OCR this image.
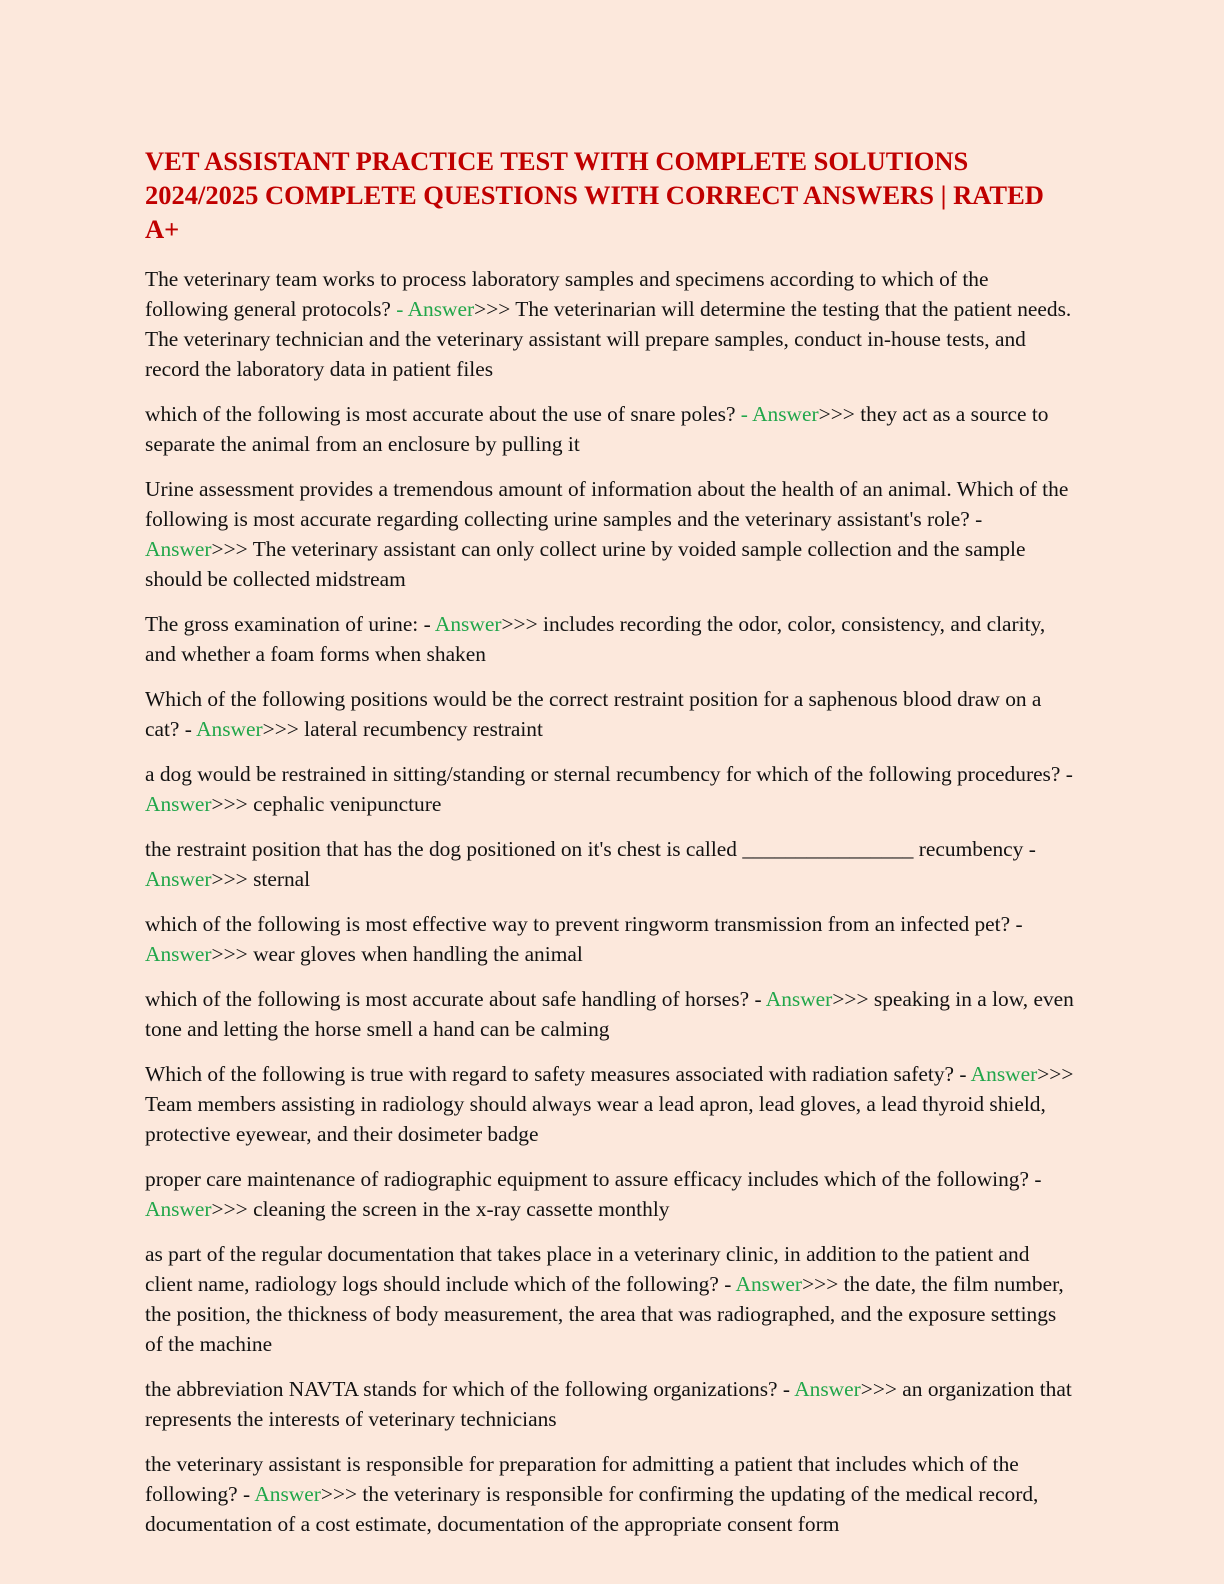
VET ASSISTANT PRACTICE TEST WITH COMPLETE SOLUTIONS 2024/2025 COMPLETE QUESTIONS WITH CORRECT ANSWERS | RATED A+
The veterinary team works to process laboratory samples and specimens according to which of the following general protocols? - Answer>>> The veterinarian will determine the testing that the patient needs. The veterinary technician and the veterinary assistant will prepare samples, conduct in-house tests, and record the laboratory data in patient files
which of the following is most accurate about the use of snare poles? - Answer>>> they act as a source to separate the animal from an enclosure by pulling it
Urine assessment provides a tremendous amount of information about the health of an animal. Which of the following is most accurate regarding collecting urine samples and the veterinary assistant's role? - Answer>>> The veterinary assistant can only collect urine by voided sample collection and the sample should be collected midstream
The gross examination of urine: - Answer>>> includes recording the odor, color, consistency, and clarity, and whether a foam forms when shaken
Which of the following positions would be the correct restraint position for a saphenous blood draw on a cat? - Answer>>> lateral recumbency restraint
a dog would be restrained in sitting/standing or sternal recumbency for which of the following procedures? - Answer>>> cephalic venipuncture
the restraint position that has the dog positioned on it's chest is called ________________ recumbency - Answer>>> sternal
which of the following is most effective way to prevent ringworm transmission from an infected pet? - Answer>>> wear gloves when handling the animal
which of the following is most accurate about safe handling of horses? - Answer>>> speaking in a low, even tone and letting the horse smell a hand can be calming
Which of the following is true with regard to safety measures associated with radiation safety? - Answer>>> Team members assisting in radiology should always wear a lead apron, lead gloves, a lead thyroid shield, protective eyewear, and their dosimeter badge
proper care maintenance of radiographic equipment to assure efficacy includes which of the following? - Answer>>> cleaning the screen in the x-ray cassette monthly
as part of the regular documentation that takes place in a veterinary clinic, in addition to the patient and client name, radiology logs should include which of the following? - Answer>>> the date, the film number, the position, the thickness of body measurement, the area that was radiographed, and the exposure settings of the machine
the abbreviation NAVTA stands for which of the following organizations? - Answer>>> an organization that represents the interests of veterinary technicians
the veterinary assistant is responsible for preparation for admitting a patient that includes which of the following? - Answer>>> the veterinary is responsible for confirming the updating of the medical record, documentation of a cost estimate, documentation of the appropriate consent form
